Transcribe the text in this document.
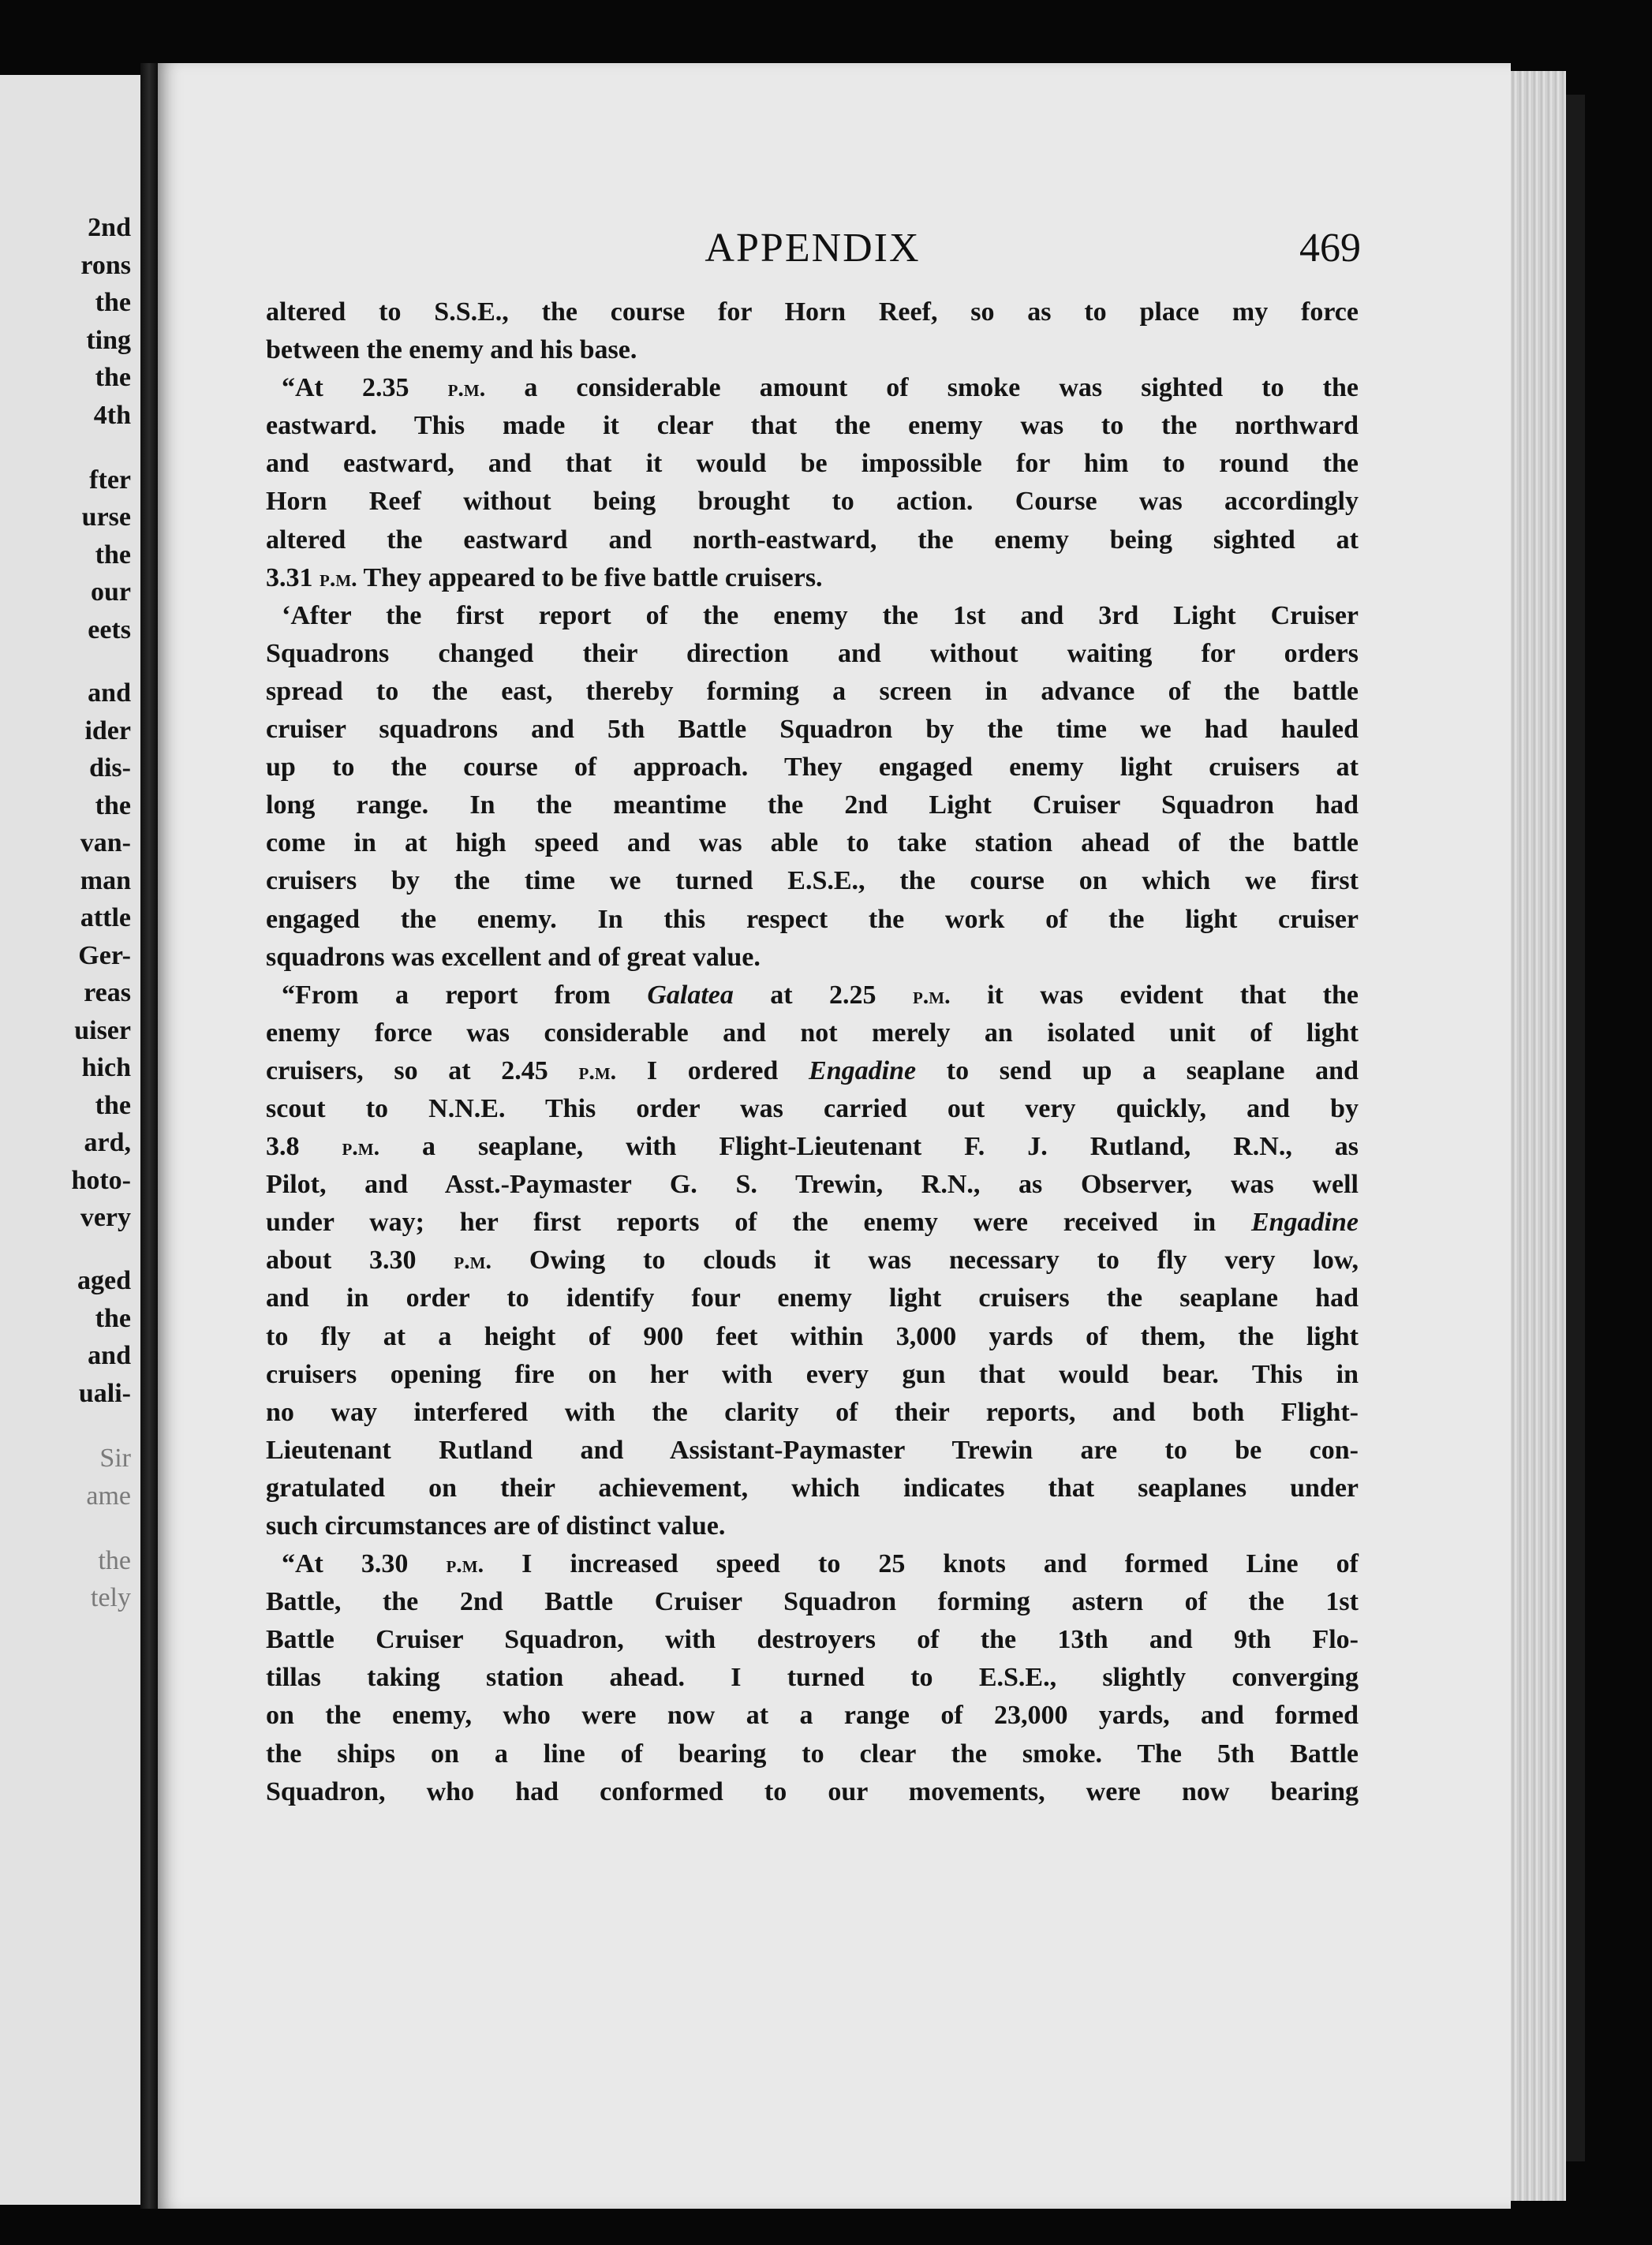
2nd
rons
the
ting
the
4th
fter
urse
the
our
eets
and
ider
dis-
the
van-
man
attle
Ger-
reas
uiser
hich
the
ard,
hoto-
very
aged
the
and
uali-
Sir
ame
the
tely
APPENDIX	469
altered to S.S.E., the course for Horn Reef, so as to place my force
between the enemy and his base.
“At 2.35 p.m. a considerable amount of smoke was sighted to the
eastward. This made it clear that the enemy was to the northward
and eastward, and that it would be impossible for him to round the
Horn Reef without being brought to action. Course was accordingly
altered the eastward and north-eastward, the enemy being sighted at
3.31 p.m. They appeared to be five battle cruisers.
‘After the first report of the enemy the 1st and 3rd Light Cruiser
Squadrons changed their direction and without waiting for orders
spread to the east, thereby forming a screen in advance of the battle
cruiser squadrons and 5th Battle Squadron by the time we had hauled
up to the course of approach. They engaged enemy light cruisers at
long range. In the meantime the 2nd Light Cruiser Squadron had
come in at high speed and was able to take station ahead of the battle
cruisers by the time we turned E.S.E., the course on which we first
engaged the enemy. In this respect the work of the light cruiser
squadrons was excellent and of great value.
“From a report from Galatea at 2.25 p.m. it was evident that the
enemy force was considerable and not merely an isolated unit of light
cruisers, so at 2.45 p.m. I ordered Engadine to send up a seaplane and
scout to N.N.E. This order was carried out very quickly, and by
3.8 p.m. a seaplane, with Flight-Lieutenant F. J. Rutland, R.N., as
Pilot, and Asst.-Paymaster G. S. Trewin, R.N., as Observer, was well
under way; her first reports of the enemy were received in Engadine
about 3.30 p.m. Owing to clouds it was necessary to fly very low,
and in order to identify four enemy light cruisers the seaplane had
to fly at a height of 900 feet within 3,000 yards of them, the light
cruisers opening fire on her with every gun that would bear. This in
no way interfered with the clarity of their reports, and both Flight-
Lieutenant Rutland and Assistant-Paymaster Trewin are to be con-
gratulated on their achievement, which indicates that seaplanes under
such circumstances are of distinct value.
“At 3.30 p.m. I increased speed to 25 knots and formed Line of
Battle, the 2nd Battle Cruiser Squadron forming astern of the 1st
Battle Cruiser Squadron, with destroyers of the 13th and 9th Flo-
tillas taking station ahead. I turned to E.S.E., slightly converging
on the enemy, who were now at a range of 23,000 yards, and formed
the ships on a line of bearing to clear the smoke. The 5th Battle
Squadron, who had conformed to our movements, were now bearing
